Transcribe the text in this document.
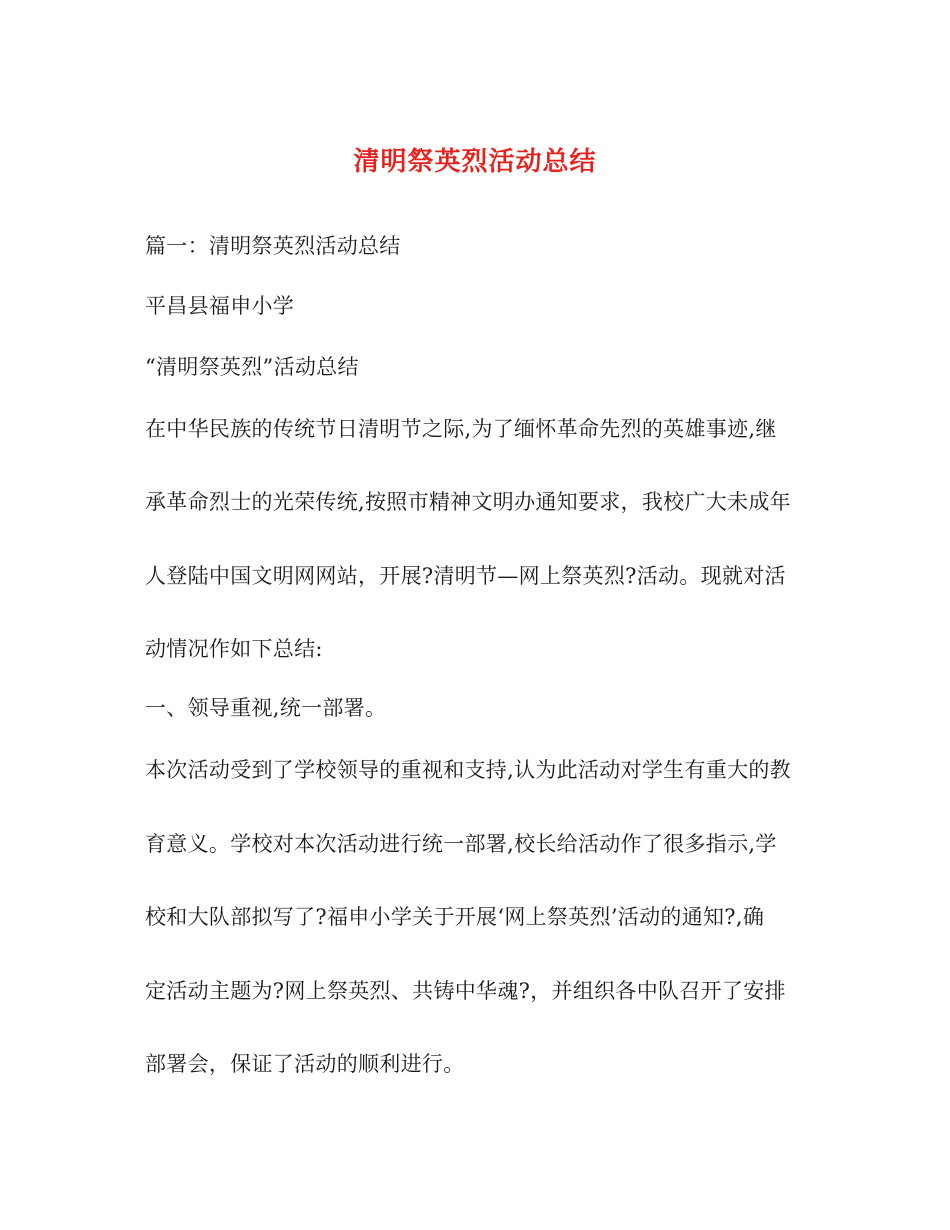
清明祭英烈活动总结
篇一：清明祭英烈活动总结
平昌县福申小学
“清明祭英烈”活动总结
在中华民族的传统节日清明节之际,为了缅怀革命先烈的英雄事迹,继
承革命烈士的光荣传统,按照市精神文明办通知要求，我校广大未成年
人登陆中国文明网网站，开展?清明节—网上祭英烈?活动。现就对活
动情况作如下总结:
一、领导重视,统一部署。
本次活动受到了学校领导的重视和支持,认为此活动对学生有重大的教
育意义。学校对本次活动进行统一部署,校长给活动作了很多指示,学
校和大队部拟写了?福申小学关于开展‘网上祭英烈’活动的通知?,确
定活动主题为?网上祭英烈、共铸中华魂?，并组织各中队召开了安排
部署会，保证了活动的顺利进行。
